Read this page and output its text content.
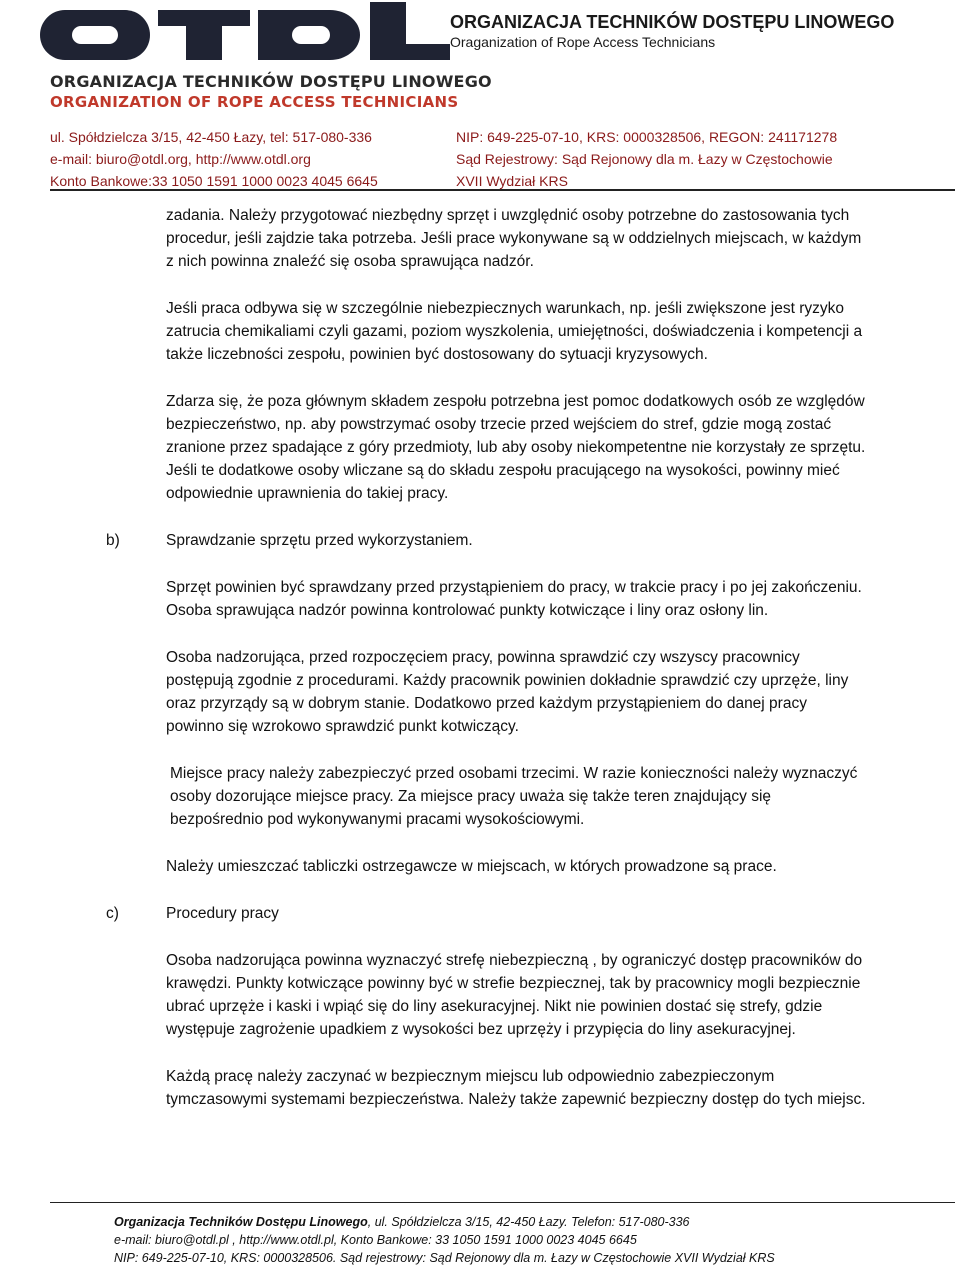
ORGANIZACJA TECHNIKÓW DOSTĘPU LINOWEGO
ORGANIZATION OF ROPE ACCESS TECHNICIANS
ORGANIZACJA TECHNIKÓW DOSTĘPU LINOWEGO
Oraganization of Rope Access Technicians
ul. Spółdzielcza 3/15, 42-450 Łazy, tel: 517-080-336
e-mail: biuro@otdl.org, http://www.otdl.org
Konto Bankowe:33 1050 1591 1000 0023 4045 6645
NIP: 649-225-07-10, KRS: 0000328506, REGON: 241171278
Sąd Rejestrowy: Sąd Rejonowy dla m. Łazy w Częstochowie
XVII Wydział KRS

zadania. Należy przygotować niezbędny sprzęt i uwzględnić osoby potrzebne do zastosowania tych procedur, jeśli zajdzie taka potrzeba. Jeśli prace wykonywane są w oddzielnych miejscach, w każdym z nich powinna znaleźć się osoba sprawująca nadzór.

Jeśli praca odbywa się w szczególnie niebezpiecznych warunkach, np. jeśli zwiększone jest ryzyko zatrucia chemikaliami czyli gazami, poziom wyszkolenia, umiejętności, doświadczenia i kompetencji a także liczebności zespołu, powinien być dostosowany do sytuacji kryzysowych.

Zdarza się, że poza głównym składem zespołu potrzebna jest pomoc dodatkowych osób ze względów bezpieczeństwo, np. aby powstrzymać osoby trzecie przed wejściem do stref, gdzie mogą zostać zranione przez spadające z góry przedmioty, lub aby osoby niekompetentne nie korzystały ze sprzętu. Jeśli te dodatkowe osoby wliczane są do składu zespołu pracującego na wysokości, powinny mieć odpowiednie uprawnienia do takiej pracy.

b)	Sprawdzanie sprzętu przed wykorzystaniem.

Sprzęt powinien być sprawdzany przed przystąpieniem do pracy, w trakcie pracy i po jej zakończeniu. Osoba sprawująca nadzór powinna kontrolować punkty kotwiczące i liny oraz osłony lin.

Osoba nadzorująca, przed rozpoczęciem pracy, powinna sprawdzić czy wszyscy pracownicy postępują zgodnie z procedurami. Każdy pracownik powinien dokładnie sprawdzić czy uprzęże, liny oraz przyrządy są w dobrym stanie. Dodatkowo przed każdym przystąpieniem do danej pracy powinno się wzrokowo sprawdzić punkt kotwiczący.

Miejsce pracy należy zabezpieczyć przed osobami trzecimi. W razie konieczności należy wyznaczyć osoby dozorujące miejsce pracy. Za miejsce pracy uważa się także teren znajdujący się bezpośrednio pod wykonywanymi pracami wysokościowymi.

Należy umieszczać tabliczki ostrzegawcze w miejscach, w których prowadzone są prace.

c)	Procedury pracy

Osoba nadzorująca powinna wyznaczyć strefę niebezpieczną , by ograniczyć dostęp pracowników do krawędzi. Punkty kotwiczące powinny być w strefie bezpiecznej, tak by pracownicy mogli bezpiecznie ubrać uprzęże i kaski i wpiąć się do liny asekuracyjnej. Nikt nie powinien dostać się strefy, gdzie występuje zagrożenie upadkiem z wysokości bez uprzęży i przypięcia do liny asekuracyjnej.

Każdą pracę należy zaczynać w bezpiecznym miejscu lub odpowiednio zabezpieczonym tymczasowymi systemami bezpieczeństwa. Należy także zapewnić bezpieczny dostęp do tych miejsc.

Organizacja Techników Dostępu Linowego, ul. Spółdzielcza 3/15, 42-450 Łazy. Telefon: 517-080-336
e-mail: biuro@otdl.pl , http://www.otdl.pl, Konto Bankowe: 33 1050 1591 1000 0023 4045 6645
NIP: 649-225-07-10, KRS: 0000328506. Sąd rejestrowy: Sąd Rejonowy dla m. Łazy w Częstochowie XVII Wydział KRS
